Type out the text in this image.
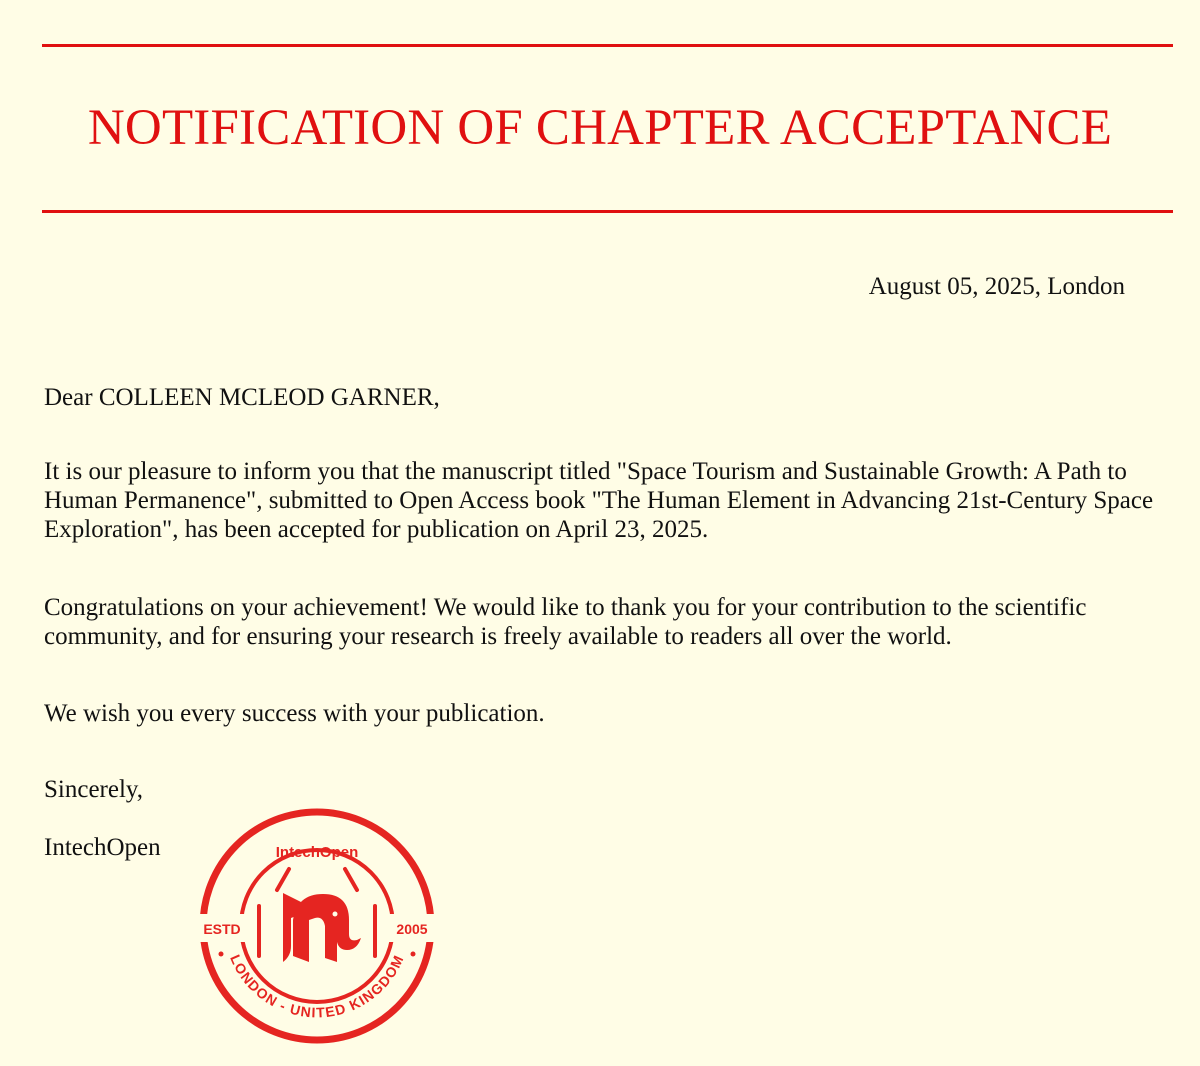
NOTIFICATION OF CHAPTER ACCEPTANCE
August 05, 2025, London

Dear COLLEEN MCLEOD GARNER,

It is our pleasure to inform you that the manuscript titled "Space Tourism and Sustainable Growth: A Path to Human Permanence", submitted to Open Access book "The Human Element in Advancing 21st-Century Space Exploration", has been accepted for publication on April 23, 2025.

Congratulations on your achievement! We would like to thank you for your contribution to the scientific community, and for ensuring your research is freely available to readers all over the world.

We wish you every success with your publication.

Sincerely,

IntechOpen	IntechOpen
ESTD	2005
LONDON - UNITED KINGDOM
